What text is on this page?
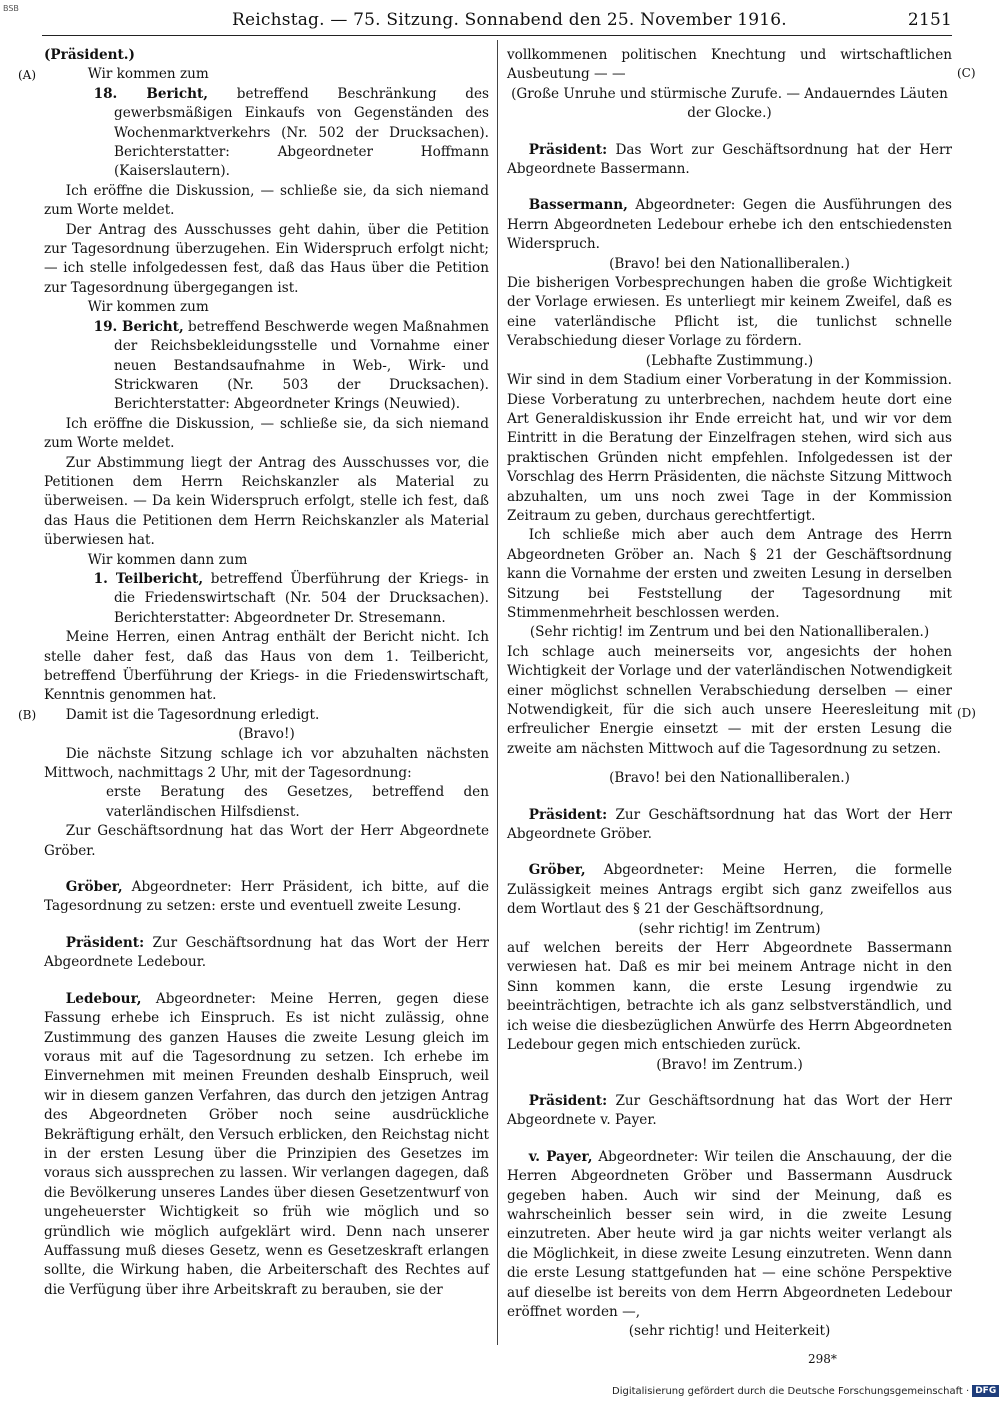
BSB
Reichstag. — 75. Sitzung. Sonnabend den 25. November 1916.	2151
(A)
(B)
(C)
(D)

(Präsident.)

Wir kommen zum

18. Bericht, betreffend Beschränkung des gewerbsmäßigen Einkaufs von Gegenständen des Wochenmarktverkehrs (Nr. 502 der Drucksachen). Berichterstatter: Abgeordneter Hoffmann (Kaiserslautern).

Ich eröffne die Diskussion, — schließe sie, da sich niemand zum Worte meldet.

Der Antrag des Ausschusses geht dahin, über die Petition zur Tagesordnung überzugehen. Ein Widerspruch erfolgt nicht; — ich stelle infolgedessen fest, daß das Haus über die Petition zur Tagesordnung übergegangen ist.

Wir kommen zum

19. Bericht, betreffend Beschwerde wegen Maßnahmen der Reichsbekleidungsstelle und Vornahme einer neuen Bestandsaufnahme in Web-, Wirk- und Strickwaren (Nr. 503 der Drucksachen). Berichterstatter: Abgeordneter Krings (Neuwied).

Ich eröffne die Diskussion, — schließe sie, da sich niemand zum Worte meldet.

Zur Abstimmung liegt der Antrag des Ausschusses vor, die Petitionen dem Herrn Reichskanzler als Material zu überweisen. — Da kein Widerspruch erfolgt, stelle ich fest, daß das Haus die Petitionen dem Herrn Reichskanzler als Material überwiesen hat.

Wir kommen dann zum

1. Teilbericht, betreffend Überführung der Kriegs- in die Friedenswirtschaft (Nr. 504 der Drucksachen). Berichterstatter: Abgeordneter Dr. Stresemann.

Meine Herren, einen Antrag enthält der Bericht nicht. Ich stelle daher fest, daß das Haus von dem 1. Teilbericht, betreffend Überführung der Kriegs- in die Friedenswirtschaft, Kenntnis genommen hat.

Damit ist die Tagesordnung erledigt.

(Bravo!)

Die nächste Sitzung schlage ich vor abzuhalten nächsten Mittwoch, nachmittags 2 Uhr, mit der Tagesordnung:

erste Beratung des Gesetzes, betreffend den vaterländischen Hilfsdienst.

Zur Geschäftsordnung hat das Wort der Herr Abgeordnete Gröber.

Gröber, Abgeordneter: Herr Präsident, ich bitte, auf die Tagesordnung zu setzen: erste und eventuell zweite Lesung.

Präsident: Zur Geschäftsordnung hat das Wort der Herr Abgeordnete Ledebour.

Ledebour, Abgeordneter: Meine Herren, gegen diese Fassung erhebe ich Einspruch. Es ist nicht zulässig, ohne Zustimmung des ganzen Hauses die zweite Lesung gleich im voraus mit auf die Tagesordnung zu setzen. Ich erhebe im Einvernehmen mit meinen Freunden deshalb Einspruch, weil wir in diesem ganzen Verfahren, das durch den jetzigen Antrag des Abgeordneten Gröber noch seine ausdrückliche Bekräftigung erhält, den Versuch erblicken, den Reichstag nicht in der ersten Lesung über die Prinzipien des Gesetzes im voraus sich aussprechen zu lassen. Wir verlangen dagegen, daß die Bevölkerung unseres Landes über diesen Gesetzentwurf von ungeheuerster Wichtigkeit so früh wie möglich und so gründlich wie möglich aufgeklärt wird. Denn nach unserer Auffassung muß dieses Gesetz, wenn es Gesetzeskraft erlangen sollte, die Wirkung haben, die Arbeiterschaft des Rechtes auf die Verfügung über ihre Arbeitskraft zu berauben, sie der

vollkommenen politischen Knechtung und wirtschaftlichen Ausbeutung — —

(Große Unruhe und stürmische Zurufe. — Andauerndes Läuten der Glocke.)

Präsident: Das Wort zur Geschäftsordnung hat der Herr Abgeordnete Bassermann.

Bassermann, Abgeordneter: Gegen die Ausführungen des Herrn Abgeordneten Ledebour erhebe ich den entschiedensten Widerspruch.

(Bravo! bei den Nationalliberalen.)

Die bisherigen Vorbesprechungen haben die große Wichtigkeit der Vorlage erwiesen. Es unterliegt mir keinem Zweifel, daß es eine vaterländische Pflicht ist, die tunlichst schnelle Verabschiedung dieser Vorlage zu fördern.

(Lebhafte Zustimmung.)

Wir sind in dem Stadium einer Vorberatung in der Kommission. Diese Vorberatung zu unterbrechen, nachdem heute dort eine Art Generaldiskussion ihr Ende erreicht hat, und wir vor dem Eintritt in die Beratung der Einzelfragen stehen, wird sich aus praktischen Gründen nicht empfehlen. Infolgedessen ist der Vorschlag des Herrn Präsidenten, die nächste Sitzung Mittwoch abzuhalten, um uns noch zwei Tage in der Kommission Zeitraum zu geben, durchaus gerechtfertigt.

Ich schließe mich aber auch dem Antrage des Herrn Abgeordneten Gröber an. Nach § 21 der Geschäftsordnung kann die Vornahme der ersten und zweiten Lesung in derselben Sitzung bei Feststellung der Tagesordnung mit Stimmenmehrheit beschlossen werden.

(Sehr richtig! im Zentrum und bei den Nationalliberalen.)

Ich schlage auch meinerseits vor, angesichts der hohen Wichtigkeit der Vorlage und der vaterländischen Notwendigkeit einer möglichst schnellen Verabschiedung derselben — einer Notwendigkeit, für die sich auch unsere Heeresleitung mit erfreulicher Energie einsetzt — mit der ersten Lesung die zweite am nächsten Mittwoch auf die Tagesordnung zu setzen.

(Bravo! bei den Nationalliberalen.)

Präsident: Zur Geschäftsordnung hat das Wort der Herr Abgeordnete Gröber.

Gröber, Abgeordneter: Meine Herren, die formelle Zulässigkeit meines Antrags ergibt sich ganz zweifellos aus dem Wortlaut des § 21 der Geschäftsordnung,

(sehr richtig! im Zentrum)

auf welchen bereits der Herr Abgeordnete Bassermann verwiesen hat. Daß es mir bei meinem Antrage nicht in den Sinn kommen kann, die erste Lesung irgendwie zu beeinträchtigen, betrachte ich als ganz selbstverständlich, und ich weise die diesbezüglichen Anwürfe des Herrn Abgeordneten Ledebour gegen mich entschieden zurück.

(Bravo! im Zentrum.)

Präsident: Zur Geschäftsordnung hat das Wort der Herr Abgeordnete v. Payer.

v. Payer, Abgeordneter: Wir teilen die Anschauung, der die Herren Abgeordneten Gröber und Bassermann Ausdruck gegeben haben. Auch wir sind der Meinung, daß es wahrscheinlich besser sein wird, in die zweite Lesung einzutreten. Aber heute wird ja gar nichts weiter verlangt als die Möglichkeit, in diese zweite Lesung einzutreten. Wenn dann die erste Lesung stattgefunden hat — eine schöne Perspektive auf dieselbe ist bereits von dem Herrn Abgeordneten Ledebour eröffnet worden —,

(sehr richtig! und Heiterkeit)

298*
Digitalisierung gefördert durch die Deutsche Forschungsgemeinschaft · DFG
